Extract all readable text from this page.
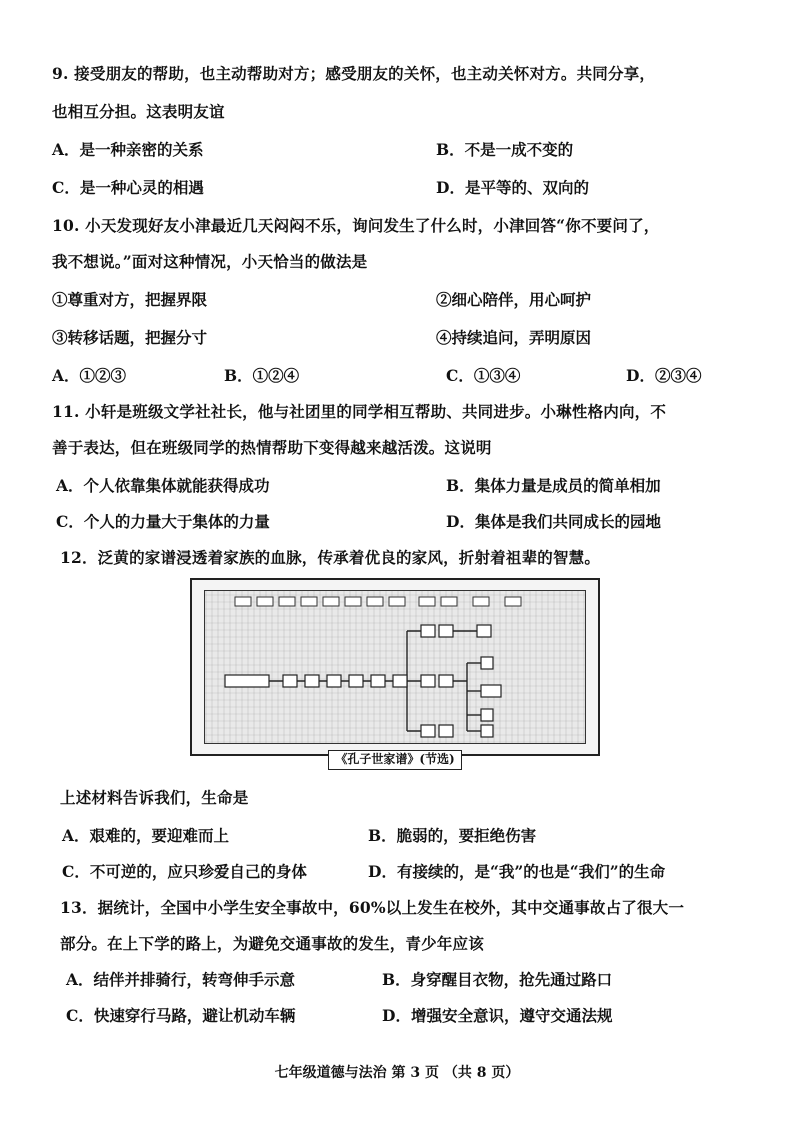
9. 接受朋友的帮助，也主动帮助对方；感受朋友的关怀，也主动关怀对方。共同分享，
也相互分担。这表明友谊
A．是一种亲密的关系	B．不是一成不变的
C．是一种心灵的相遇	D．是平等的、双向的
10. 小天发现好友小津最近几天闷闷不乐，询问发生了什么时，小津回答“你不要问了，
我不想说。”面对这种情况，小天恰当的做法是
①尊重对方，把握界限	②细心陪伴，用心呵护
③转移话题，把握分寸	④持续追问，弄明原因
A．①②③	B．①②④	C．①③④	D．②③④
11. 小轩是班级文学社社长，他与社团里的同学相互帮助、共同进步。小琳性格内向，不
善于表达，但在班级同学的热情帮助下变得越来越活泼。这说明
A．个人依靠集体就能获得成功	B．集体力量是成员的简单相加
C．个人的力量大于集体的力量	D．集体是我们共同成长的园地
12．泛黄的家谱浸透着家族的血脉，传承着优良的家风，折射着祖辈的智慧。
《孔子世家谱》(节选)
上述材料告诉我们，生命是
A．艰难的，要迎难而上	B．脆弱的，要拒绝伤害
C．不可逆的，应只珍爱自己的身体	D．有接续的，是“我”的也是“我们”的生命
13．据统计，全国中小学生安全事故中，60%以上发生在校外，其中交通事故占了很大一
部分。在上下学的路上，为避免交通事故的发生，青少年应该
A．结伴并排骑行，转弯伸手示意	B．身穿醒目衣物，抢先通过路口
C．快速穿行马路，避让机动车辆	D．增强安全意识，遵守交通法规
七年级道德与法治 第 3 页 （共 8 页）
